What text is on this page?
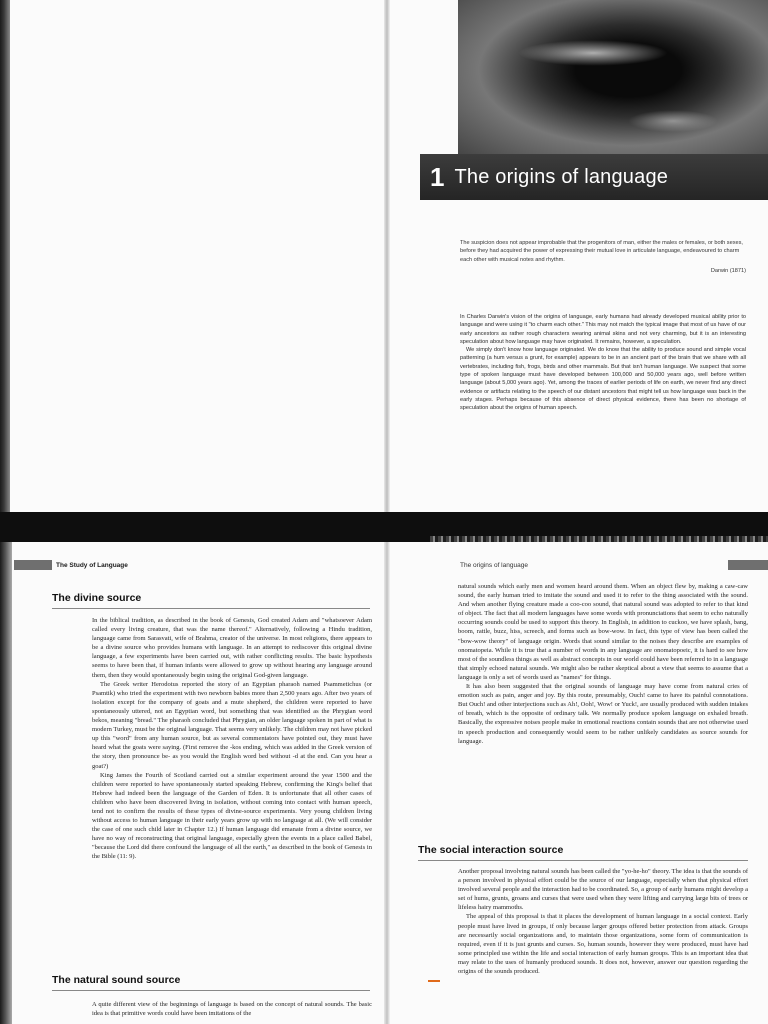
1 The origins of language
The suspicion does not appear improbable that the progenitors of man, either the males or females, or both sexes, before they had acquired the power of expressing their mutual love in articulate language, endeavoured to charm each other with musical notes and rhythm.
Darwin (1871)

In Charles Darwin's vision of the origins of language, early humans had already developed musical ability prior to language and were using it "to charm each other." This may not match the typical image that most of us have of our early ancestors as rather rough characters wearing animal skins and not very charming, but it is an interesting speculation about how language may have originated. It remains, however, a speculation.

We simply don't know how language originated. We do know that the ability to produce sound and simple vocal patterning (a hum versus a grunt, for example) appears to be in an ancient part of the brain that we share with all vertebrates, including fish, frogs, birds and other mammals. But that isn't human language. We suspect that some type of spoken language must have developed between 100,000 and 50,000 years ago, well before written language (about 5,000 years ago). Yet, among the traces of earlier periods of life on earth, we never find any direct evidence or artifacts relating to the speech of our distant ancestors that might tell us how language was back in the early stages. Perhaps because of this absence of direct physical evidence, there has been no shortage of speculation about the origins of human speech.

The Study of Language	The origins of language
The divine source

In the biblical tradition, as described in the book of Genesis, God created Adam and "whatsoever Adam called every living creature, that was the name thereof." Alternatively, following a Hindu tradition, language came from Sarasvati, wife of Brahma, creator of the universe. In most religions, there appears to be a divine source who provides humans with language. In an attempt to rediscover this original divine language, a few experiments have been carried out, with rather conflicting results. The basic hypothesis seems to have been that, if human infants were allowed to grow up without hearing any language around them, then they would spontaneously begin using the original God-given language.

The Greek writer Herodotus reported the story of an Egyptian pharaoh named Psammetichus (or Psamtik) who tried the experiment with two newborn babies more than 2,500 years ago. After two years of isolation except for the company of goats and a mute shepherd, the children were reported to have spontaneously uttered, not an Egyptian word, but something that was identified as the Phrygian word bekos, meaning "bread." The pharaoh concluded that Phrygian, an older language spoken in part of what is modern Turkey, must be the original language. That seems very unlikely. The children may not have picked up this "word" from any human source, but as several commentators have pointed out, they must have heard what the goats were saying. (First remove the -kos ending, which was added in the Greek version of the story, then pronounce be- as you would the English word bed without -d at the end. Can you hear a goat?)

King James the Fourth of Scotland carried out a similar experiment around the year 1500 and the children were reported to have spontaneously started speaking Hebrew, confirming the King's belief that Hebrew had indeed been the language of the Garden of Eden. It is unfortunate that all other cases of children who have been discovered living in isolation, without coming into contact with human speech, tend not to confirm the results of these types of divine-source experiments. Very young children living without access to human language in their early years grow up with no language at all. (We will consider the case of one such child later in Chapter 12.) If human language did emanate from a divine source, we have no way of reconstructing that original language, especially given the events in a place called Babel, "because the Lord did there confound the language of all the earth," as described in the book of Genesis in the Bible (11: 9).

The natural sound source

A quite different view of the beginnings of language is based on the concept of natural sounds. The basic idea is that primitive words could have been imitations of the

natural sounds which early men and women heard around them. When an object flew by, making a caw-caw sound, the early human tried to imitate the sound and used it to refer to the thing associated with the sound. And when another flying creature made a coo-coo sound, that natural sound was adopted to refer to that kind of object. The fact that all modern languages have some words with pronunciations that seem to echo naturally occurring sounds could be used to support this theory. In English, in addition to cuckoo, we have splash, bang, boom, rattle, buzz, hiss, screech, and forms such as bow-wow. In fact, this type of view has been called the "bow-wow theory" of language origin. Words that sound similar to the noises they describe are examples of onomatopeia. While it is true that a number of words in any language are onomatopoeic, it is hard to see how most of the soundless things as well as abstract concepts in our world could have been referred to in a language that simply echoed natural sounds. We might also be rather skeptical about a view that seems to assume that a language is only a set of words used as "names" for things.

It has also been suggested that the original sounds of language may have come from natural cries of emotion such as pain, anger and joy. By this route, presumably, Ouch! came to have its painful connotations. But Ouch! and other interjections such as Ah!, Ooh!, Wow! or Yuck!, are usually produced with sudden intakes of breath, which is the opposite of ordinary talk. We normally produce spoken language on exhaled breath. Basically, the expressive noises people make in emotional reactions contain sounds that are not otherwise used in speech production and consequently would seem to be rather unlikely candidates as source sounds for language.

The social interaction source

Another proposal involving natural sounds has been called the "yo-he-ho" theory. The idea is that the sounds of a person involved in physical effort could be the source of our language, especially when that physical effort involved several people and the interaction had to be coordinated. So, a group of early humans might develop a set of hums, grunts, groans and curses that were used when they were lifting and carrying large bits of trees or lifeless hairy mammoths.

The appeal of this proposal is that it places the development of human language in a social context. Early people must have lived in groups, if only because larger groups offered better protection from attack. Groups are necessarily social organizations and, to maintain those organizations, some form of communication is required, even if it is just grunts and curses. So, human sounds, however they were produced, must have had some principled use within the life and social interaction of early human groups. This is an important idea that may relate to the uses of humanly produced sounds. It does not, however, answer our question regarding the origins of the sounds produced.
